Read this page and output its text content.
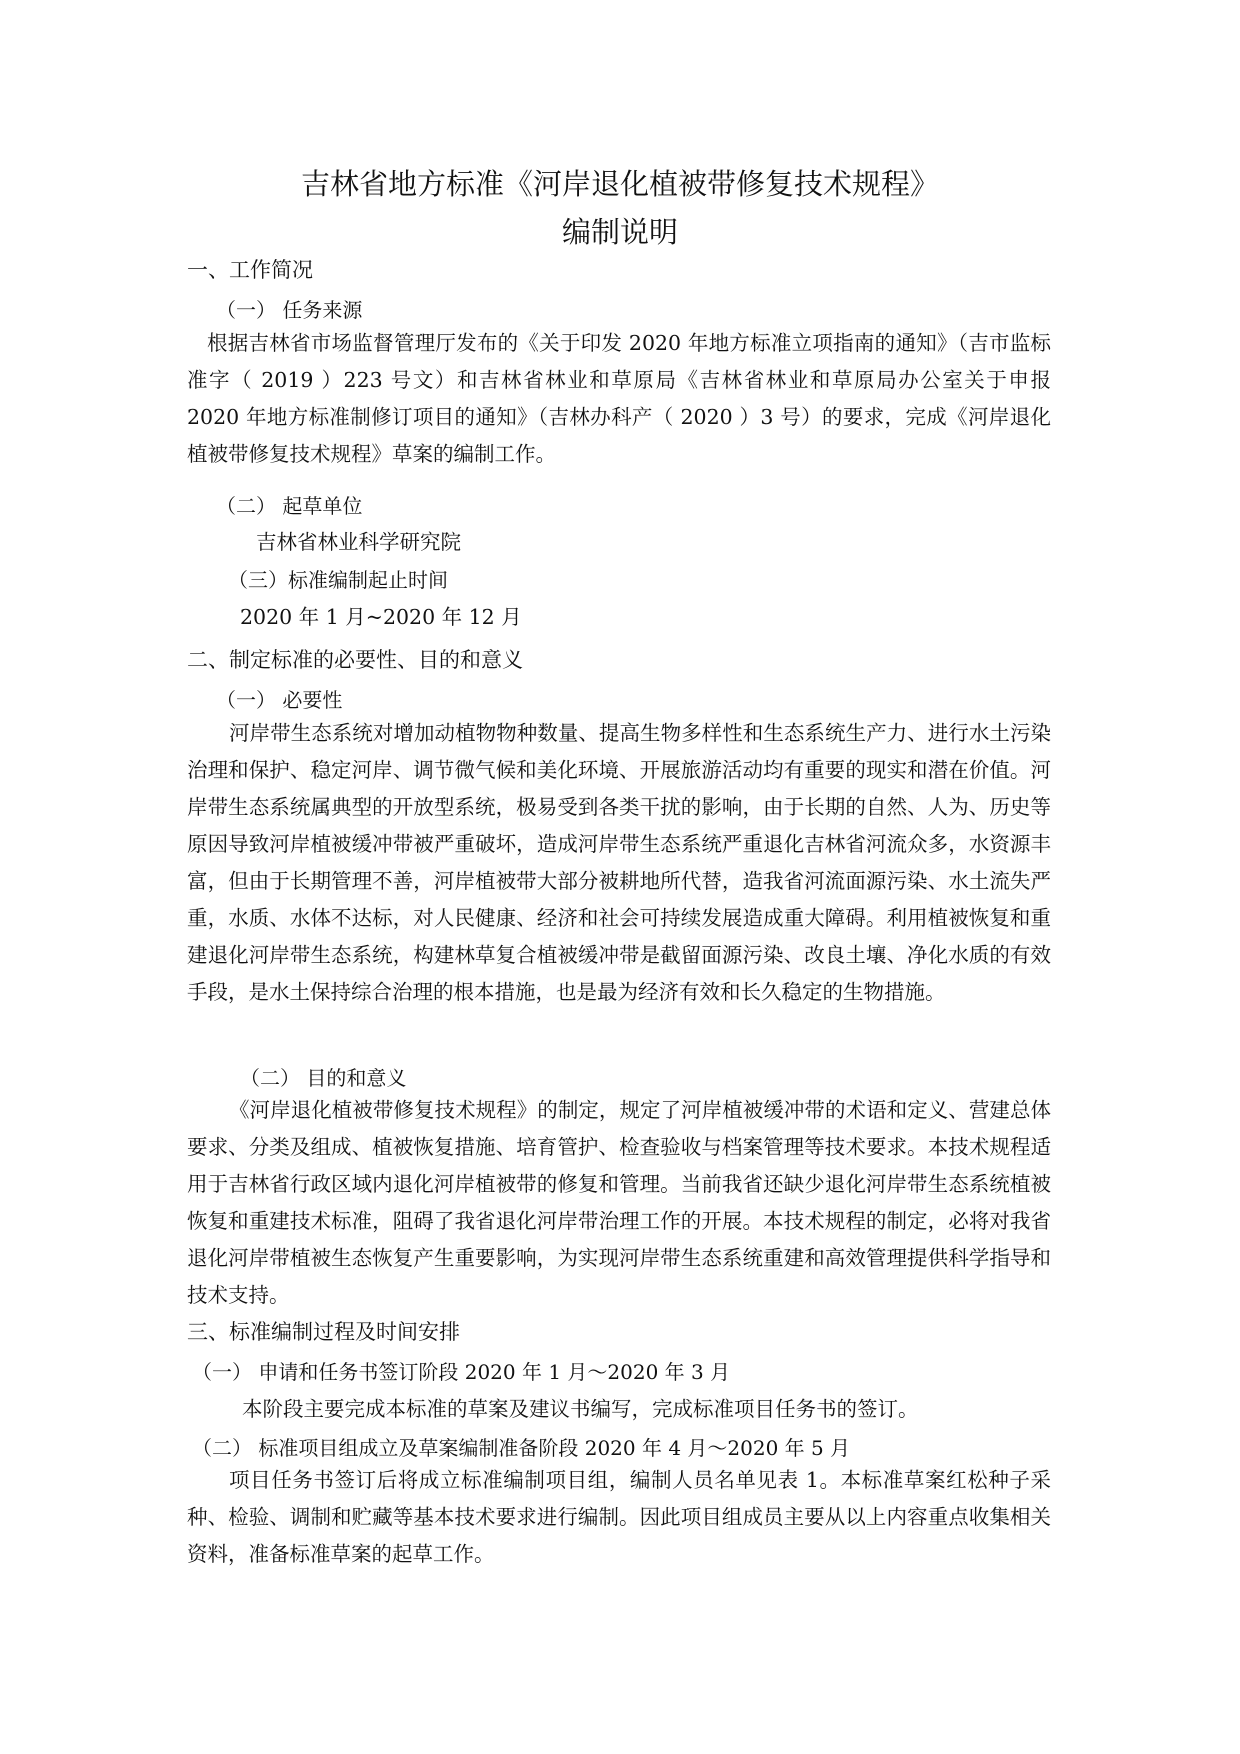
吉林省地方标准《河岸退化植被带修复技术规程》
编制说明
一、工作简况
（一） 任务来源
根据吉林省市场监督管理厅发布的《关于印发 2020 年地方标准立项指南的通知》（吉市监标准字（ 2019 ）223 号文）和吉林省林业和草原局《吉林省林业和草原局办公室关于申报 2020 年地方标准制修订项目的通知》（吉林办科产（ 2020 ）3 号）的要求，完成《河岸退化植被带修复技术规程》草案的编制工作。
（二） 起草单位
吉林省林业科学研究院
（三）标准编制起止时间
2020 年 1 月~2020 年 12 月
二、制定标准的必要性、目的和意义
（一） 必要性
河岸带生态系统对增加动植物物种数量、提高生物多样性和生态系统生产力、进行水土污染治理和保护、稳定河岸、调节微气候和美化环境、开展旅游活动均有重要的现实和潜在价值。河岸带生态系统属典型的开放型系统，极易受到各类干扰的影响，由于长期的自然、人为、历史等原因导致河岸植被缓冲带被严重破坏，造成河岸带生态系统严重退化吉林省河流众多，水资源丰富，但由于长期管理不善，河岸植被带大部分被耕地所代替，造我省河流面源污染、水土流失严重，水质、水体不达标，对人民健康、经济和社会可持续发展造成重大障碍。利用植被恢复和重建退化河岸带生态系统，构建林草复合植被缓冲带是截留面源污染、改良土壤、净化水质的有效手段，是水土保持综合治理的根本措施，也是最为经济有效和长久稳定的生物措施。
（二） 目的和意义
《河岸退化植被带修复技术规程》的制定，规定了河岸植被缓冲带的术语和定义、营建总体要求、分类及组成、植被恢复措施、培育管护、检查验收与档案管理等技术要求。本技术规程适用于吉林省行政区域内退化河岸植被带的修复和管理。当前我省还缺少退化河岸带生态系统植被恢复和重建技术标准，阻碍了我省退化河岸带治理工作的开展。本技术规程的制定，必将对我省退化河岸带植被生态恢复产生重要影响，为实现河岸带生态系统重建和高效管理提供科学指导和技术支持。
三、标准编制过程及时间安排
（一） 申请和任务书签订阶段 2020 年 1 月～2020 年 3 月
本阶段主要完成本标准的草案及建议书编写，完成标准项目任务书的签订。
（二） 标准项目组成立及草案编制准备阶段 2020 年 4 月～2020 年 5 月
项目任务书签订后将成立标准编制项目组，编制人员名单见表 1。本标准草案红松种子采种、检验、调制和贮藏等基本技术要求进行编制。因此项目组成员主要从以上内容重点收集相关资料，准备标准草案的起草工作。
